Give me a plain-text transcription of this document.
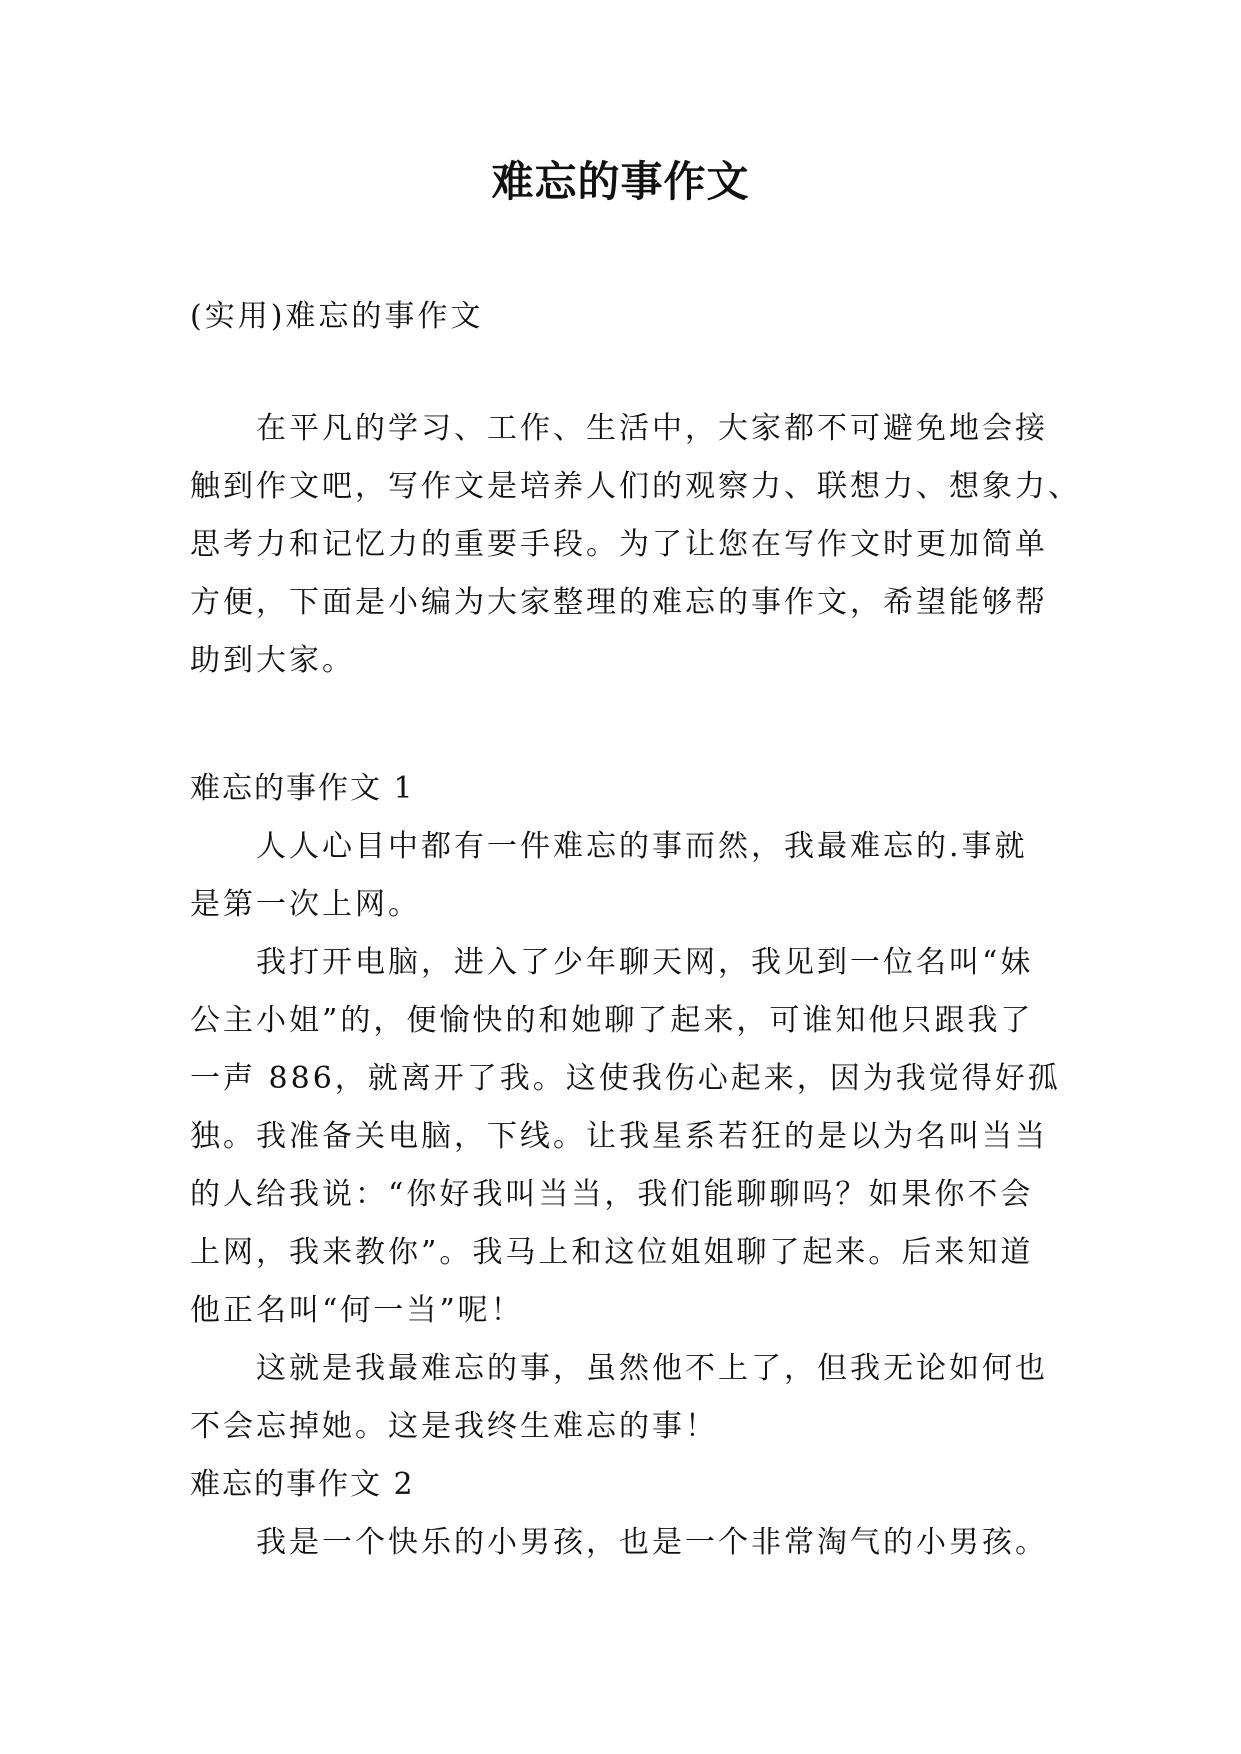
难忘的事作文
(实用)难忘的事作文
在平凡的学习、工作、生活中，大家都不可避免地会接
触到作文吧，写作文是培养人们的观察力、联想力、想象力、
思考力和记忆力的重要手段。为了让您在写作文时更加简单
方便，下面是小编为大家整理的难忘的事作文，希望能够帮
助到大家。
难忘的事作文 1
人人心目中都有一件难忘的事而然，我最难忘的.事就
是第一次上网。
我打开电脑，进入了少年聊天网，我见到一位名叫“妹
公主小姐”的，便愉快的和她聊了起来，可谁知他只跟我了
一声 886，就离开了我。这使我伤心起来，因为我觉得好孤
独。我准备关电脑，下线。让我星系若狂的是以为名叫当当
的人给我说：“你好我叫当当，我们能聊聊吗？如果你不会
上网，我来教你”。我马上和这位姐姐聊了起来。后来知道
他正名叫“何一当”呢！
这就是我最难忘的事，虽然他不上了，但我无论如何也
不会忘掉她。这是我终生难忘的事！
难忘的事作文 2
我是一个快乐的小男孩，也是一个非常淘气的小男孩。
